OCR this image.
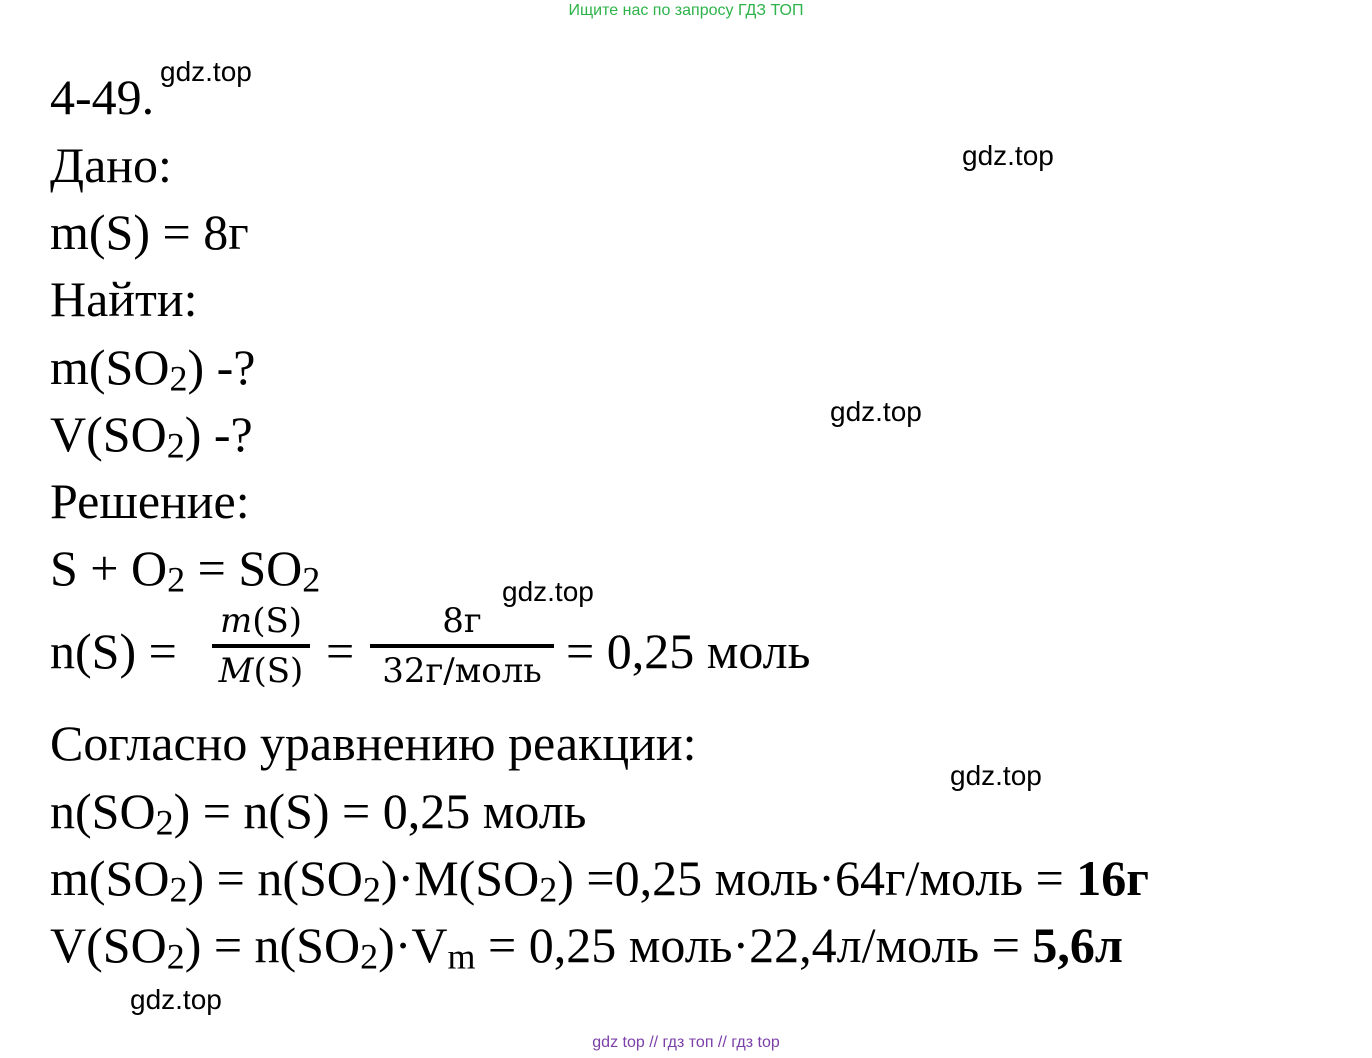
Ищите нас по запросу ГДЗ ТОП
gdz.top
gdz.top
gdz.top
gdz.top
gdz.top
gdz.top
4-49.
Дано:
m(S) = 8г
Найти:
$m(SO_2)$ -?
$V(SO_2)$ -?
Решение:
$S + O_2 = SO_2$
n(S) =
m(S)
M(S) =
8г
32г/моль = 0,25 моль
Согласно уравнению реакции:
$n(SO_2) = n(S) = 0,25$ моль
$m(SO_2) = n(SO_2)\cdot M(SO_2) =0,25$ моль·64г/моль = 16г
$V(SO_2) = n(SO_2)\cdot V_m = 0,25$ моль·22,4л/моль = 5,6л
gdz top // гдз топ // гдз top
